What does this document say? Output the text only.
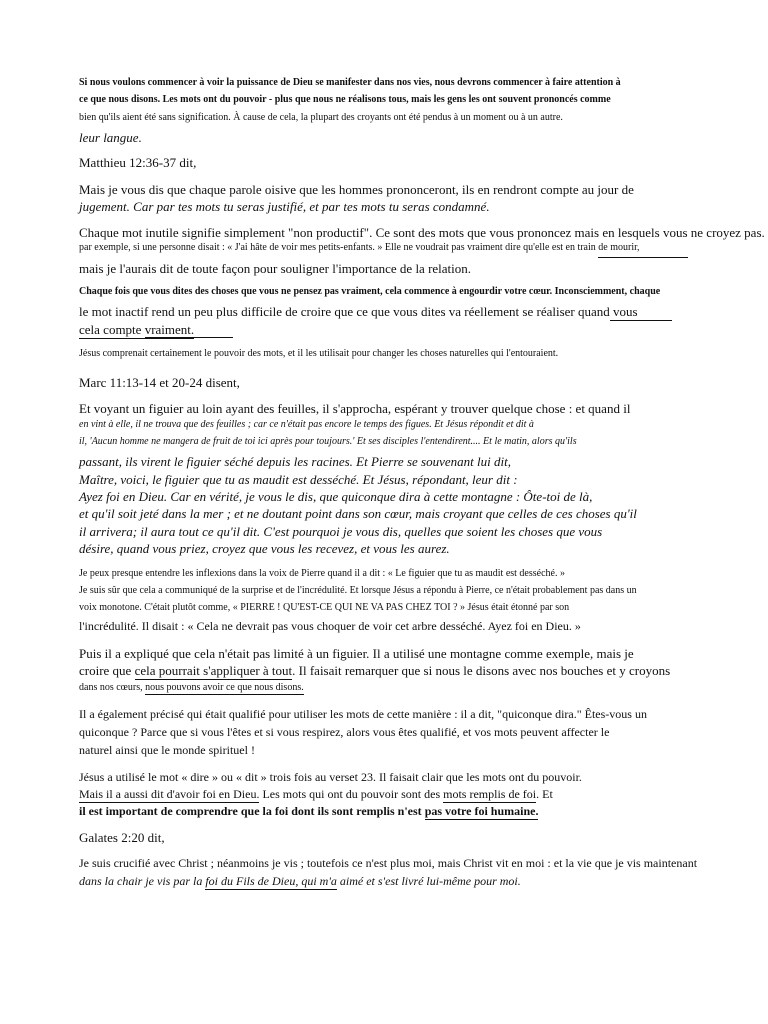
Si nous voulons commencer à voir la puissance de Dieu se manifester dans nos vies, nous devrons commencer à faire attention à
ce que nous disons. Les mots ont du pouvoir - plus que nous ne réalisons tous, mais les gens les ont souvent prononcés comme
bien qu'ils aient été sans signification. À cause de cela, la plupart des croyants ont été pendus à un moment ou à un autre.
leur langue.
Matthieu 12:36-37 dit,
Mais je vous dis que chaque parole oisive que les hommes prononceront, ils en rendront compte au jour de
jugement. Car par tes mots tu seras justifié, et par tes mots tu seras condamné.
Chaque mot inutile signifie simplement "non productif". Ce sont des mots que vous prononcez mais en lesquels vous ne croyez pas.
par exemple, si une personne disait : « J'ai hâte de voir mes petits-enfants. » Elle ne voudrait pas vraiment dire qu'elle est en train de mourir,
mais je l'aurais dit de toute façon pour souligner l'importance de la relation.
Chaque fois que vous dites des choses que vous ne pensez pas vraiment, cela commence à engourdir votre cœur. Inconsciemment, chaque
le mot inactif rend un peu plus difficile de croire que ce que vous dites va réellement se réaliser quand vous
cela compte vraiment.
Jésus comprenait certainement le pouvoir des mots, et il les utilisait pour changer les choses naturelles qui l'entouraient.
Marc 11:13-14 et 20-24 disent,
Et voyant un figuier au loin ayant des feuilles, il s'approcha, espérant y trouver quelque chose : et quand il
en vint à elle, il ne trouva que des feuilles ; car ce n'était pas encore le temps des figues. Et Jésus répondit et dit à
il, 'Aucun homme ne mangera de fruit de toi ici après pour toujours.' Et ses disciples l'entendirent.... Et le matin, alors qu'ils
passant, ils virent le figuier séché depuis les racines. Et Pierre se souvenant lui dit,
Maître, voici, le figuier que tu as maudit est desséché. Et Jésus, répondant, leur dit :
Ayez foi en Dieu. Car en vérité, je vous le dis, que quiconque dira à cette montagne : Ôte-toi de là,
et qu'il soit jeté dans la mer ; et ne doutant point dans son cœur, mais croyant que celles de ces choses qu'il
il arrivera; il aura tout ce qu'il dit. C'est pourquoi je vous dis, quelles que soient les choses que vous
désire, quand vous priez, croyez que vous les recevez, et vous les aurez.
Je peux presque entendre les inflexions dans la voix de Pierre quand il a dit : « Le figuier que tu as maudit est desséché. »
Je suis sûr que cela a communiqué de la surprise et de l'incrédulité. Et lorsque Jésus a répondu à Pierre, ce n'était probablement pas dans un
voix monotone. C'était plutôt comme, « PIERRE ! QU'EST-CE QUI NE VA PAS CHEZ TOI ? » Jésus était étonné par son
l'incrédulité. Il disait : « Cela ne devrait pas vous choquer de voir cet arbre desséché. Ayez foi en Dieu. »
Puis il a expliqué que cela n'était pas limité à un figuier. Il a utilisé une montagne comme exemple, mais je
croire que cela pourrait s'appliquer à tout. Il faisait remarquer que si nous le disons avec nos bouches et y croyons
dans nos cœurs, nous pouvons avoir ce que nous disons.
Il a également précisé qui était qualifié pour utiliser les mots de cette manière : il a dit, "quiconque dira." Êtes-vous un
quiconque ? Parce que si vous l'êtes et si vous respirez, alors vous êtes qualifié, et vos mots peuvent affecter le
naturel ainsi que le monde spirituel !
Jésus a utilisé le mot « dire » ou « dit » trois fois au verset 23. Il faisait clair que les mots ont du pouvoir.
Mais il a aussi dit d'avoir foi en Dieu. Les mots qui ont du pouvoir sont des mots remplis de foi. Et
il est important de comprendre que la foi dont ils sont remplis n'est pas votre foi humaine.
Galates 2:20 dit,
Je suis crucifié avec Christ ; néanmoins je vis ; toutefois ce n'est plus moi, mais Christ vit en moi : et la vie que je vis maintenant
dans la chair je vis par la foi du Fils de Dieu, qui m'a aimé et s'est livré lui-même pour moi.
